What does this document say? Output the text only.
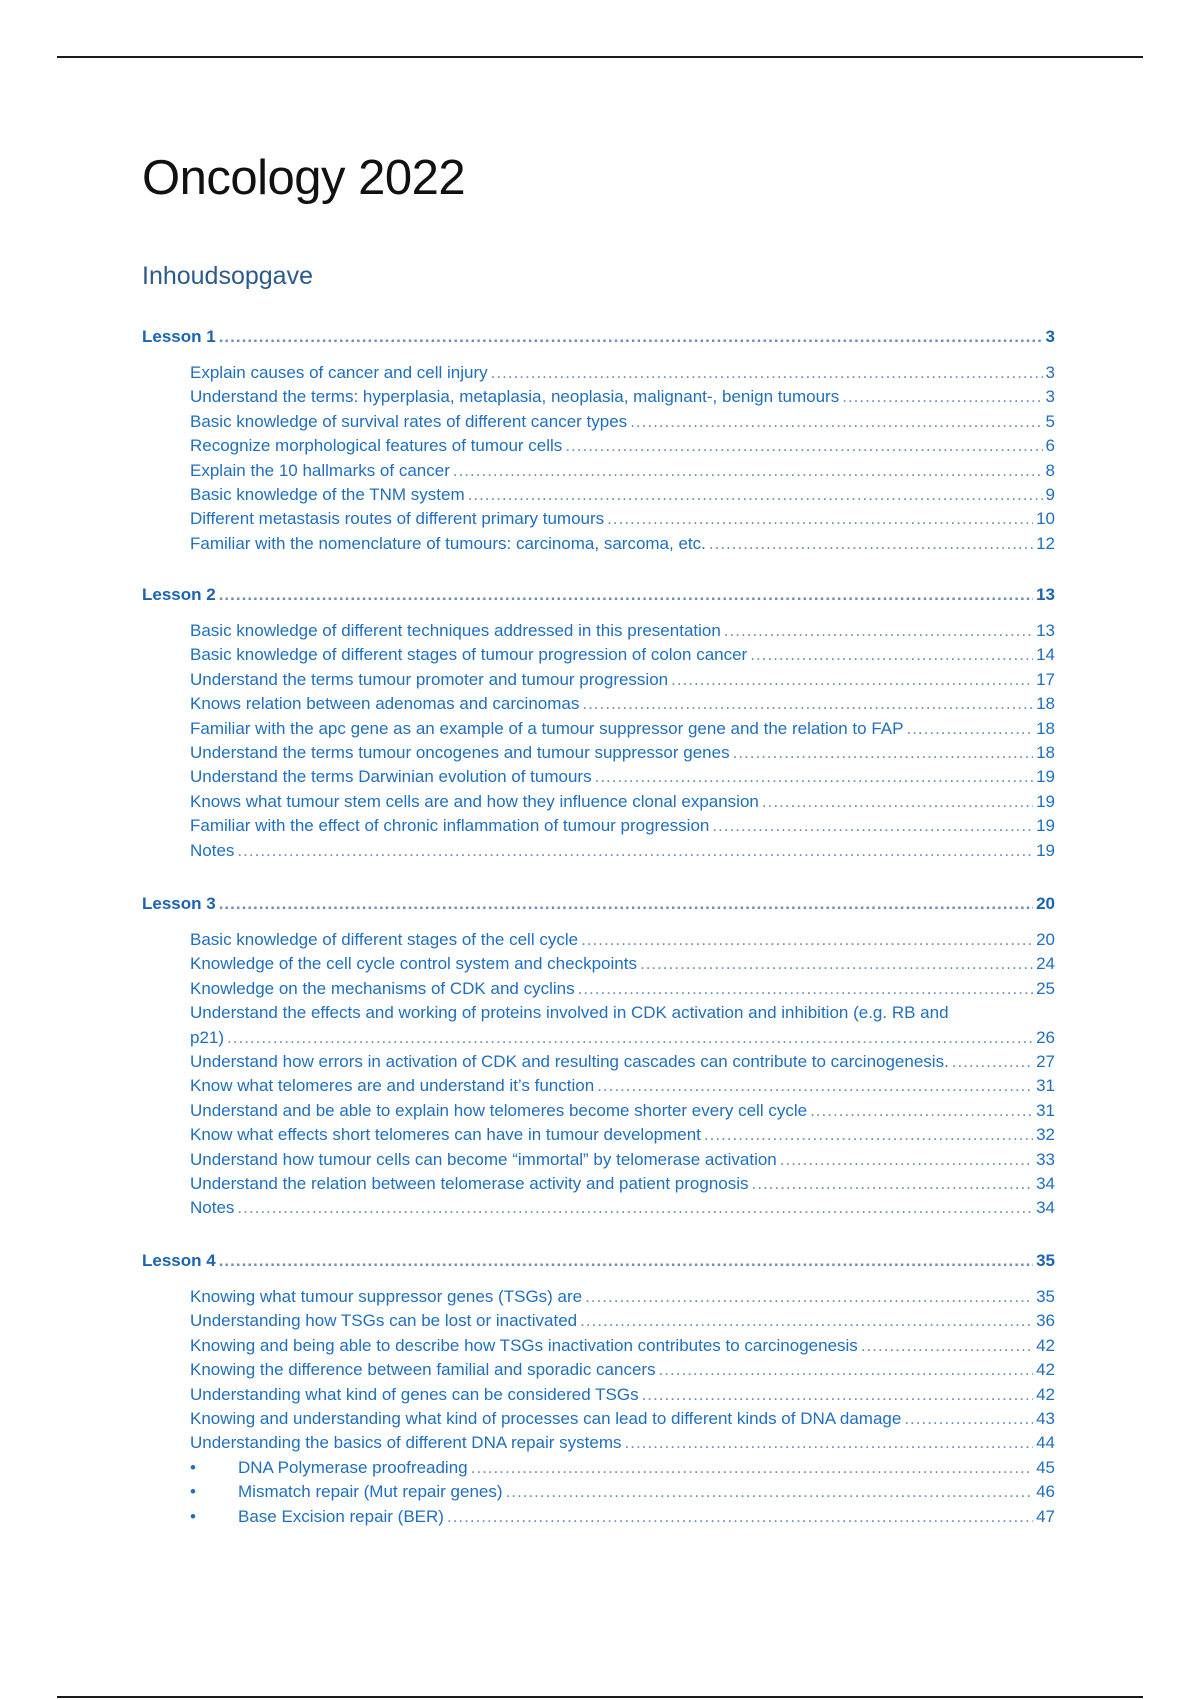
Oncology 2022
Inhoudsopgave
Lesson 1 .....	3
Explain causes of cancer and cell injury .....	3
Understand the terms: hyperplasia, metaplasia, neoplasia, malignant-, benign tumours .....	3
Basic knowledge of survival rates of different cancer types .....	5
Recognize morphological features of tumour cells .....	6
Explain the 10 hallmarks of cancer .....	8
Basic knowledge of the TNM system .....	9
Different metastasis routes of different primary tumours .....	10
Familiar with the nomenclature of tumours: carcinoma, sarcoma, etc. .....	12
Lesson 2 .....	13
Basic knowledge of different techniques addressed in this presentation .....	13
Basic knowledge of different stages of tumour progression of colon cancer .....	14
Understand the terms tumour promoter and tumour progression .....	17
Knows relation between adenomas and carcinomas .....	18
Familiar with the apc gene as an example of a tumour suppressor gene and the relation to FAP .....	18
Understand the terms tumour oncogenes and tumour suppressor genes .....	18
Understand the terms Darwinian evolution of tumours .....	19
Knows what tumour stem cells are and how they influence clonal expansion .....	19
Familiar with the effect of chronic inflammation of tumour progression .....	19
Notes .....	19
Lesson 3 .....	20
Basic knowledge of different stages of the cell cycle .....	20
Knowledge of the cell cycle control system and checkpoints .....	24
Knowledge on the mechanisms of CDK and cyclins .....	25
Understand the effects and working of proteins involved in CDK activation and inhibition (e.g. RB and
p21) .....	26
Understand how errors in activation of CDK and resulting cascades can contribute to carcinogenesis. .....	27
Know what telomeres are and understand it’s function .....	31
Understand and be able to explain how telomeres become shorter every cell cycle .....	31
Know what effects short telomeres can have in tumour development .....	32
Understand how tumour cells can become “immortal” by telomerase activation .....	33
Understand the relation between telomerase activity and patient prognosis .....	34
Notes .....	34
Lesson 4 .....	35
Knowing what tumour suppressor genes (TSGs) are .....	35
Understanding how TSGs can be lost or inactivated .....	36
Knowing and being able to describe how TSGs inactivation contributes to carcinogenesis .....	42
Knowing the difference between familial and sporadic cancers .....	42
Understanding what kind of genes can be considered TSGs .....	42
Knowing and understanding what kind of processes can lead to different kinds of DNA damage .....	43
Understanding the basics of different DNA repair systems .....	44
•	DNA Polymerase proofreading .....	45
•	Mismatch repair (Mut repair genes) .....	46
•	Base Excision repair (BER) .....	47
